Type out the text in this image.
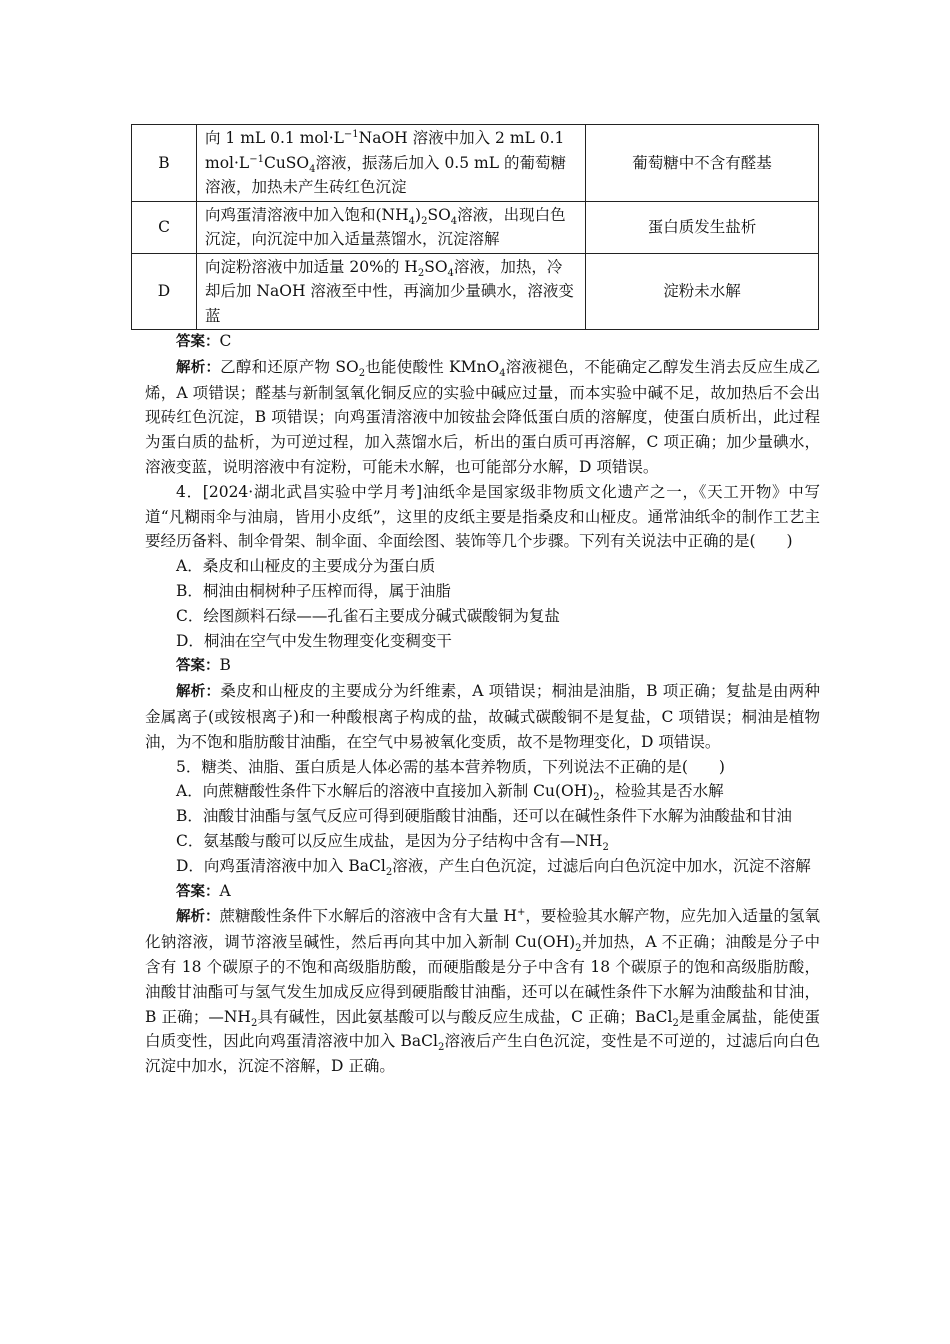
B	向 1 mL 0.1 $mol\cdot L^{-1}NaOH$ 溶液中加入 2 mL 0.1 $mol\cdot L^{-1}CuSO_4$溶液，振荡后加入 0.5 mL 的葡萄糖溶液，加热未产生砖红色沉淀	葡萄糖中不含有醛基
C	向鸡蛋清溶液中加入饱和$(NH_4)_2SO_4$溶液，出现白色沉淀，向沉淀中加入适量蒸馏水，沉淀溶解	蛋白质发生盐析
D	向淀粉溶液中加适量 20%的 $H_2SO_4$溶液，加热，冷却后加 NaOH 溶液至中性，再滴加少量碘水，溶液变蓝	淀粉未水解

答案：C

解析：乙醇和还原产物 $SO_2$也能使酸性 KMnO$_4$溶液褪色，不能确定乙醇发生消去反应生成乙烯，A 项错误；醛基与新制氢氧化铜反应的实验中碱应过量，而本实验中碱不足，故加热后不会出现砖红色沉淀，B 项错误；向鸡蛋清溶液中加铵盐会降低蛋白质的溶解度，使蛋白质析出，此过程为蛋白质的盐析，为可逆过程，加入蒸馏水后，析出的蛋白质可再溶解，C 项正确；加少量碘水，溶液变蓝，说明溶液中有淀粉，可能未水解，也可能部分水解，D 项错误。

4．[2024·湖北武昌实验中学月考]油纸伞是国家级非物质文化遗产之一，《天工开物》中写道“凡糊雨伞与油扇，皆用小皮纸”，这里的皮纸主要是指桑皮和山桠皮。通常油纸伞的制作工艺主要经历备料、制伞骨架、制伞面、伞面绘图、装饰等几个步骤。下列有关说法中正确的是(　　)

A．桑皮和山桠皮的主要成分为蛋白质

B．桐油由桐树种子压榨而得，属于油脂

C．绘图颜料石绿——孔雀石主要成分碱式碳酸铜为复盐

D．桐油在空气中发生物理变化变稠变干

答案：B

解析：桑皮和山桠皮的主要成分为纤维素，A 项错误；桐油是油脂，B 项正确；复盐是由两种金属离子(或铵根离子)和一种酸根离子构成的盐，故碱式碳酸铜不是复盐，C 项错误；桐油是植物油，为不饱和脂肪酸甘油酯，在空气中易被氧化变质，故不是物理变化，D 项错误。

5．糖类、油脂、蛋白质是人体必需的基本营养物质，下列说法不正确的是(　　)

A．向蔗糖酸性条件下水解后的溶液中直接加入新制 $Cu(OH)_2$，检验其是否水解

B．油酸甘油酯与氢气反应可得到硬脂酸甘油酯，还可以在碱性条件下水解为油酸盐和甘油

C．氨基酸与酸可以反应生成盐，是因为分子结构中含有$—NH_2$

D．向鸡蛋清溶液中加入 BaCl$_2$溶液，产生白色沉淀，过滤后向白色沉淀中加水，沉淀不溶解

答案：A

解析：蔗糖酸性条件下水解后的溶液中含有大量 H+，要检验其水解产物，应先加入适量的氢氧化钠溶液，调节溶液呈碱性，然后再向其中加入新制 $Cu(OH)_2$并加热，A 不正确；油酸是分子中含有 18 个碳原子的不饱和高级脂肪酸，而硬脂酸是分子中含有 18 个碳原子的饱和高级脂肪酸，油酸甘油酯可与氢气发生加成反应得到硬脂酸甘油酯，还可以在碱性条件下水解为油酸盐和甘油，B 正确；$—NH_2$具有碱性，因此氨基酸可以与酸反应生成盐，C 正确；BaCl$_2$是重金属盐，能使蛋白质变性，因此向鸡蛋清溶液中加入 BaCl$_2$溶液后产生白色沉淀，变性是不可逆的，过滤后向白色沉淀中加水，沉淀不溶解，D 正确。
